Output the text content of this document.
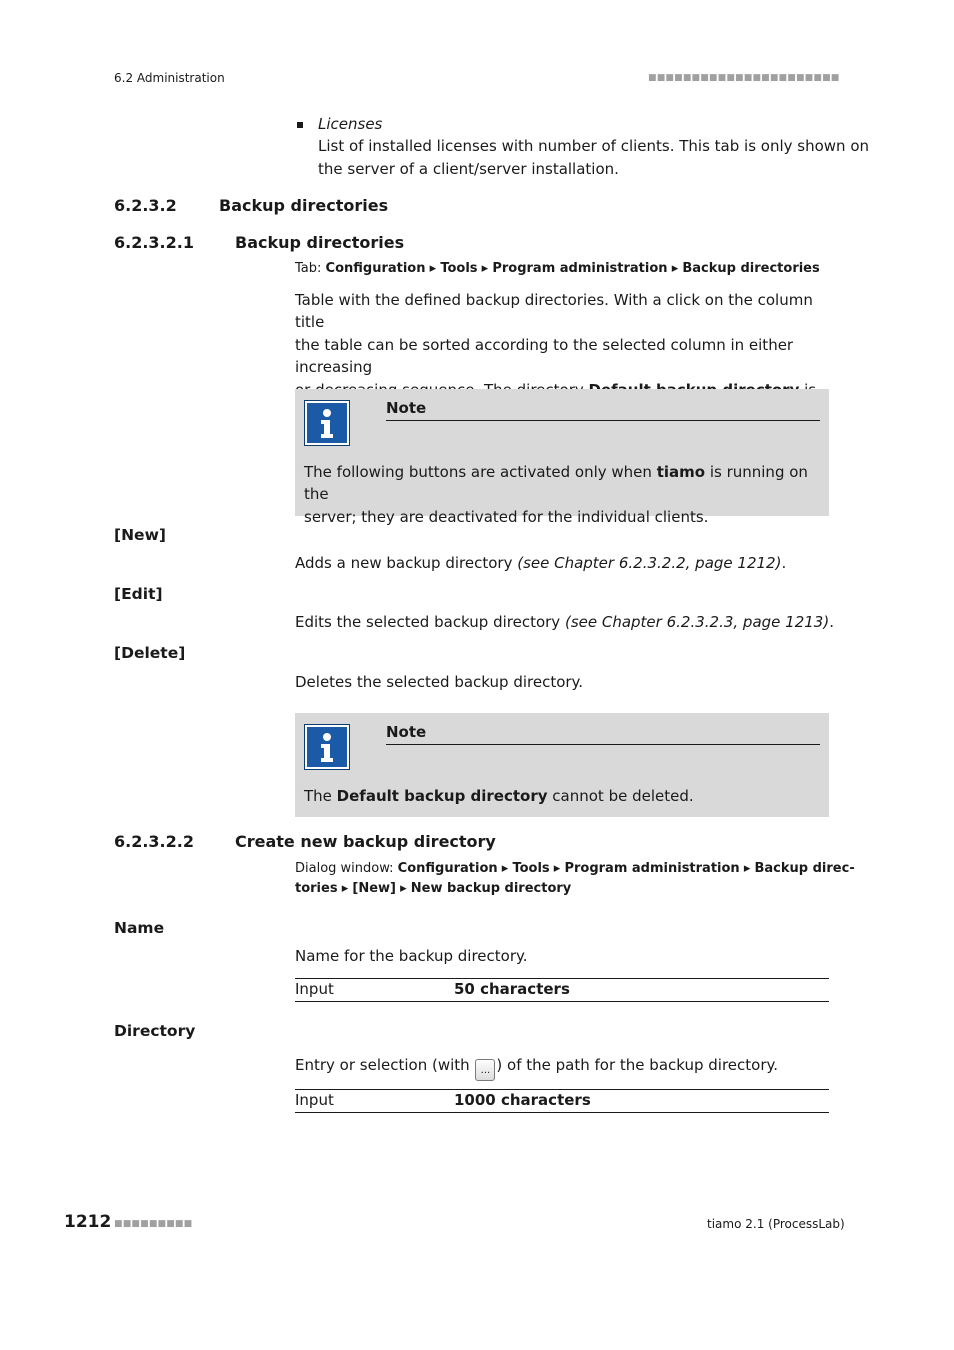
6.2 Administration	■■■■■■■■■■■■■■■■■■■■■■
Licenses
List of installed licenses with number of clients. This tab is only shown on
the server of a client/server installation.
6.2.3.2	Backup directories
6.2.3.2.1	Backup directories
Tab: Configuration ▸ Tools ▸ Program administration ▸ Backup directories
Table with the defined backup directories. With a click on the column title
the table can be sorted according to the selected column in either increasing
Note
The following buttons are activated only when tiamo is running on the
server; they are deactivated for the individual clients.
[New]
Adds a new backup directory (see Chapter 6.2.3.2.2, page 1212).
[Edit]
Edits the selected backup directory (see Chapter 6.2.3.2.3, page 1213).
[Delete]
Deletes the selected backup directory.
Note
The Default backup directory cannot be deleted.
6.2.3.2.2	Create new backup directory
Dialog window: Configuration ▸ Tools ▸ Program administration ▸ Backup direc-
tories ▸ [New] ▸ New backup directory
Name
Name for the backup directory.
Input	50 characters
Directory
Entry or selection (with ... ) of the path for the backup directory.
Input	1000 characters
1212 ■■■■■■■■■	tiamo 2.1 (ProcessLab)
